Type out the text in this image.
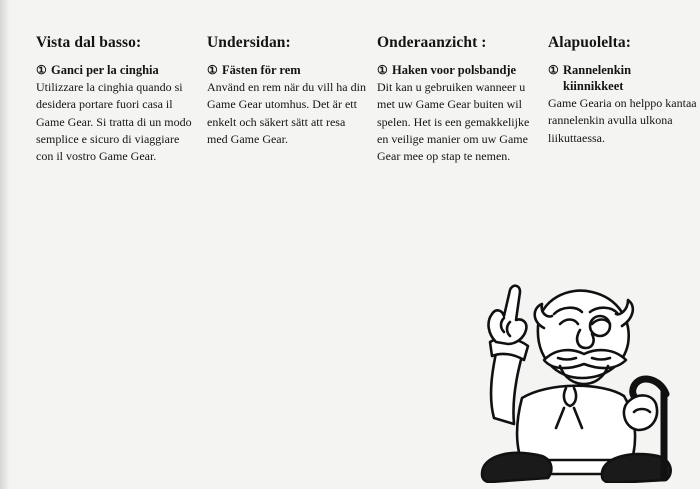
Vista dal basso:
① Ganci per la cinghia

Utilizzare la cinghia quando si desidera portare fuori casa il Game Gear. Si tratta di un modo semplice e sicuro di viaggiare con il vostro Game Gear.

Undersidan:
① Fästen för rem

Använd en rem när du vill ha din Game Gear utomhus. Det är ett enkelt och säkert sätt att resa med Game Gear.

Onderaanzicht :
① Haken voor polsbandje

Dit kan u gebruiken wanneer u met uw Game Gear buiten wil spelen. Het is een gemakkelijke en veilige manier om uw Game Gear mee op stap te nemen.

Alapuolelta:
① Rannelenkin
kiinnikkeet

Game Gearia on helppo kantaa
rannelenkin avulla ulkona
liikuttaessa.
